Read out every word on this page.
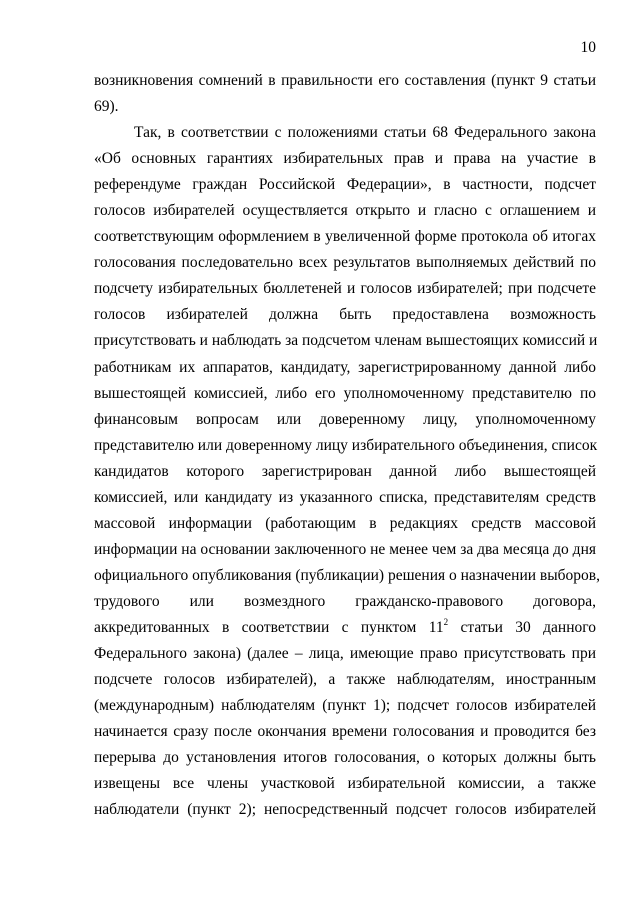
10
возникновения сомнений в правильности его составления (пункт 9 статьи
69).
Так, в соответствии с положениями статьи 68 Федерального закона
«Об основных гарантиях избирательных прав и права на участие в
референдуме граждан Российской Федерации», в частности, подсчет
голосов избирателей осуществляется открыто и гласно с оглашением и
соответствующим оформлением в увеличенной форме протокола об итогах
голосования последовательно всех результатов выполняемых действий по
подсчету избирательных бюллетеней и голосов избирателей; при подсчете
голосов избирателей должна быть предоставлена возможность
присутствовать и наблюдать за подсчетом членам вышестоящих комиссий и
работникам их аппаратов, кандидату, зарегистрированному данной либо
вышестоящей комиссией, либо его уполномоченному представителю по
финансовым вопросам или доверенному лицу, уполномоченному
представителю или доверенному лицу избирательного объединения, список
кандидатов которого зарегистрирован данной либо вышестоящей
комиссией, или кандидату из указанного списка, представителям средств
массовой информации (работающим в редакциях средств массовой
информации на основании заключенного не менее чем за два месяца до дня
официального опубликования (публикации) решения о назначении выборов,
трудового или возмездного гражданско-правового договора,
аккредитованных в соответствии с пунктом $11^2$ статьи 30 данного
Федерального закона) (далее – лица, имеющие право присутствовать при
подсчете голосов избирателей), а также наблюдателям, иностранным
(международным) наблюдателям (пункт 1); подсчет голосов избирателей
начинается сразу после окончания времени голосования и проводится без
перерыва до установления итогов голосования, о которых должны быть
извещены все члены участковой избирательной комиссии, а также
наблюдатели (пункт 2); непосредственный подсчет голосов избирателей
